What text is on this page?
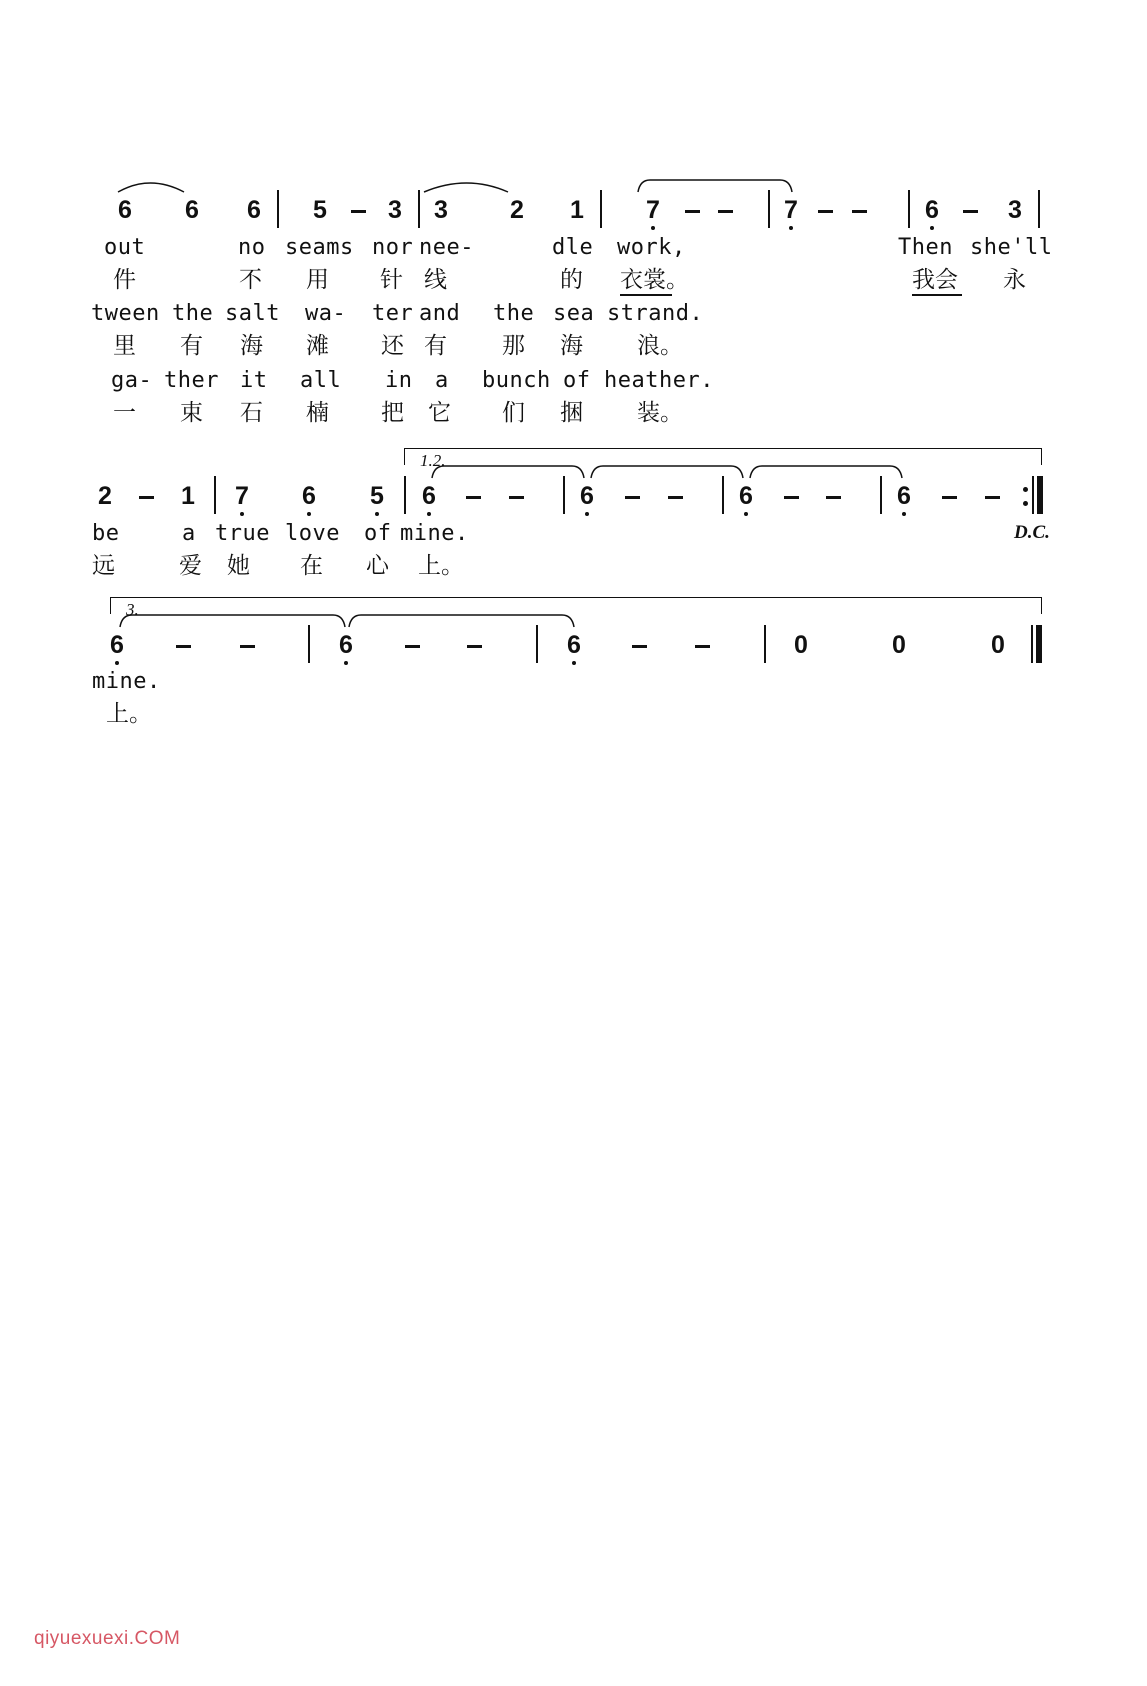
6 6 6 5 3 3 2 1 7	7	6	3
out	no seams nor nee-	dle work,	Then she'll
件	不 用 针 线	的 衣裳。	我会 永
tween the salt wa- ter and the sea strand.
里 有 海 滩 还 有 那 海 浪。
ga- ther it all in a bunch of heather.
一 束 石 楠 把 它 们 捆 装。
1.2.
2	1 7 6 5 6	6	6	6
be	a true love of mine.	D.C.
远	爱 她 在 心 上。
3.
6	6	6	0	0	0
mine.
上。
qiyuexuexi.COM
